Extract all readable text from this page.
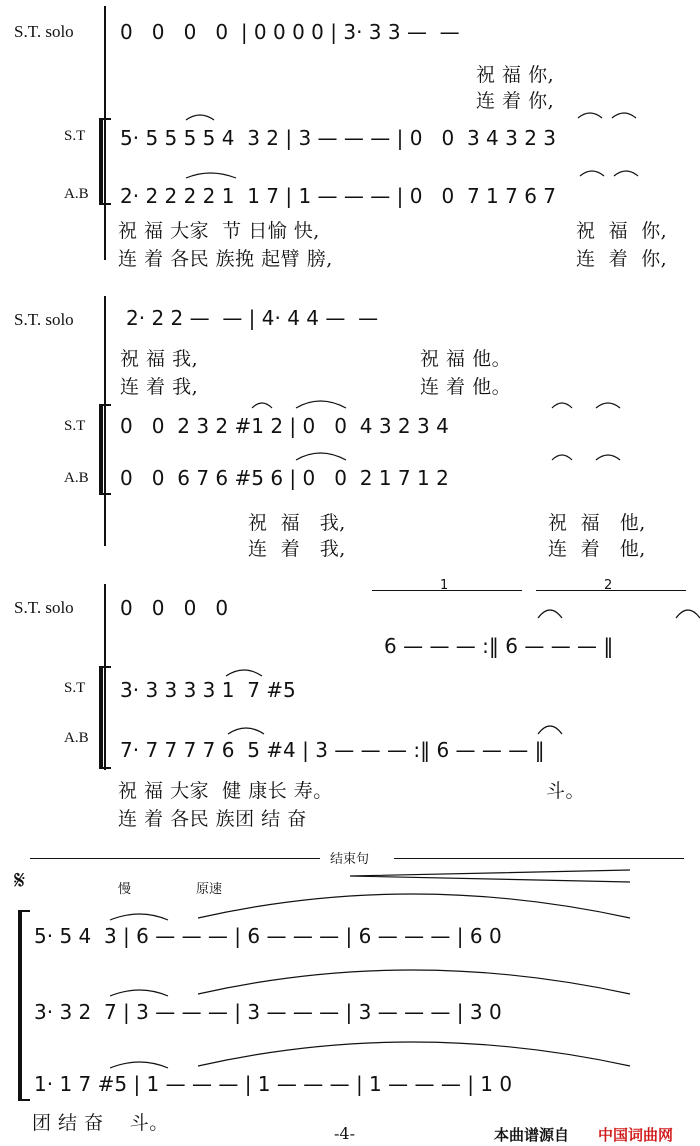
S.T. solo 0   0   0   0  | 0 0 0 0 | 3· 3 3 —  —
祝 福 你,
连 着 你,
S.T 5· 5 5 5 5 4  3 2 | 3 — — — | 0   0  3 4 3 2 3
A.B 2· 2 2 2 2 1  1 7 | 1 — — — | 0   0  7 1 7 6 7
祝 福 大家  节 日愉 快,
连 着 各民 族挽 起臂 膀,
祝  福  你,
连  着  你,
S.T. solo	2· 2 2 —  — | 4· 4 4 —  —
祝 福 我,
连 着 我,
祝 福 他。
连 着 他。
S.T 0   0  2 3 2 #1 2 | 0   0  4 3 2 3 4
A.B 0   0  6 7 6 #5 6 | 0   0  2 1 7 1 2
祝  福   我,
连  着   我,
祝  福   他,
连  着   他,
S.T. solo 0   0   0   0
1	2
6 — — — :‖ 6 — — — ‖
S.T 3· 3 3 3 3 1  7 #5
A.B 7· 7 7 7 7 6  5 #4 | 3 — — — :‖ 6 — — — ‖
祝 福 大家  健 康长 寿。	斗。
连 着 各民 族团 结 奋
𝄋
结束句
慢	原速
5· 5 4  3 | 6 — — — | 6 — — — | 6 — — — | 6 0
3· 3 2  7 | 3 — — — | 3 — — — | 3 — — — | 3 0
1· 1 7 #5 | 1 — — — | 1 — — — | 1 — — — | 1 0
团 结 奋    斗。	-4-	本曲谱源自 中国词曲网
